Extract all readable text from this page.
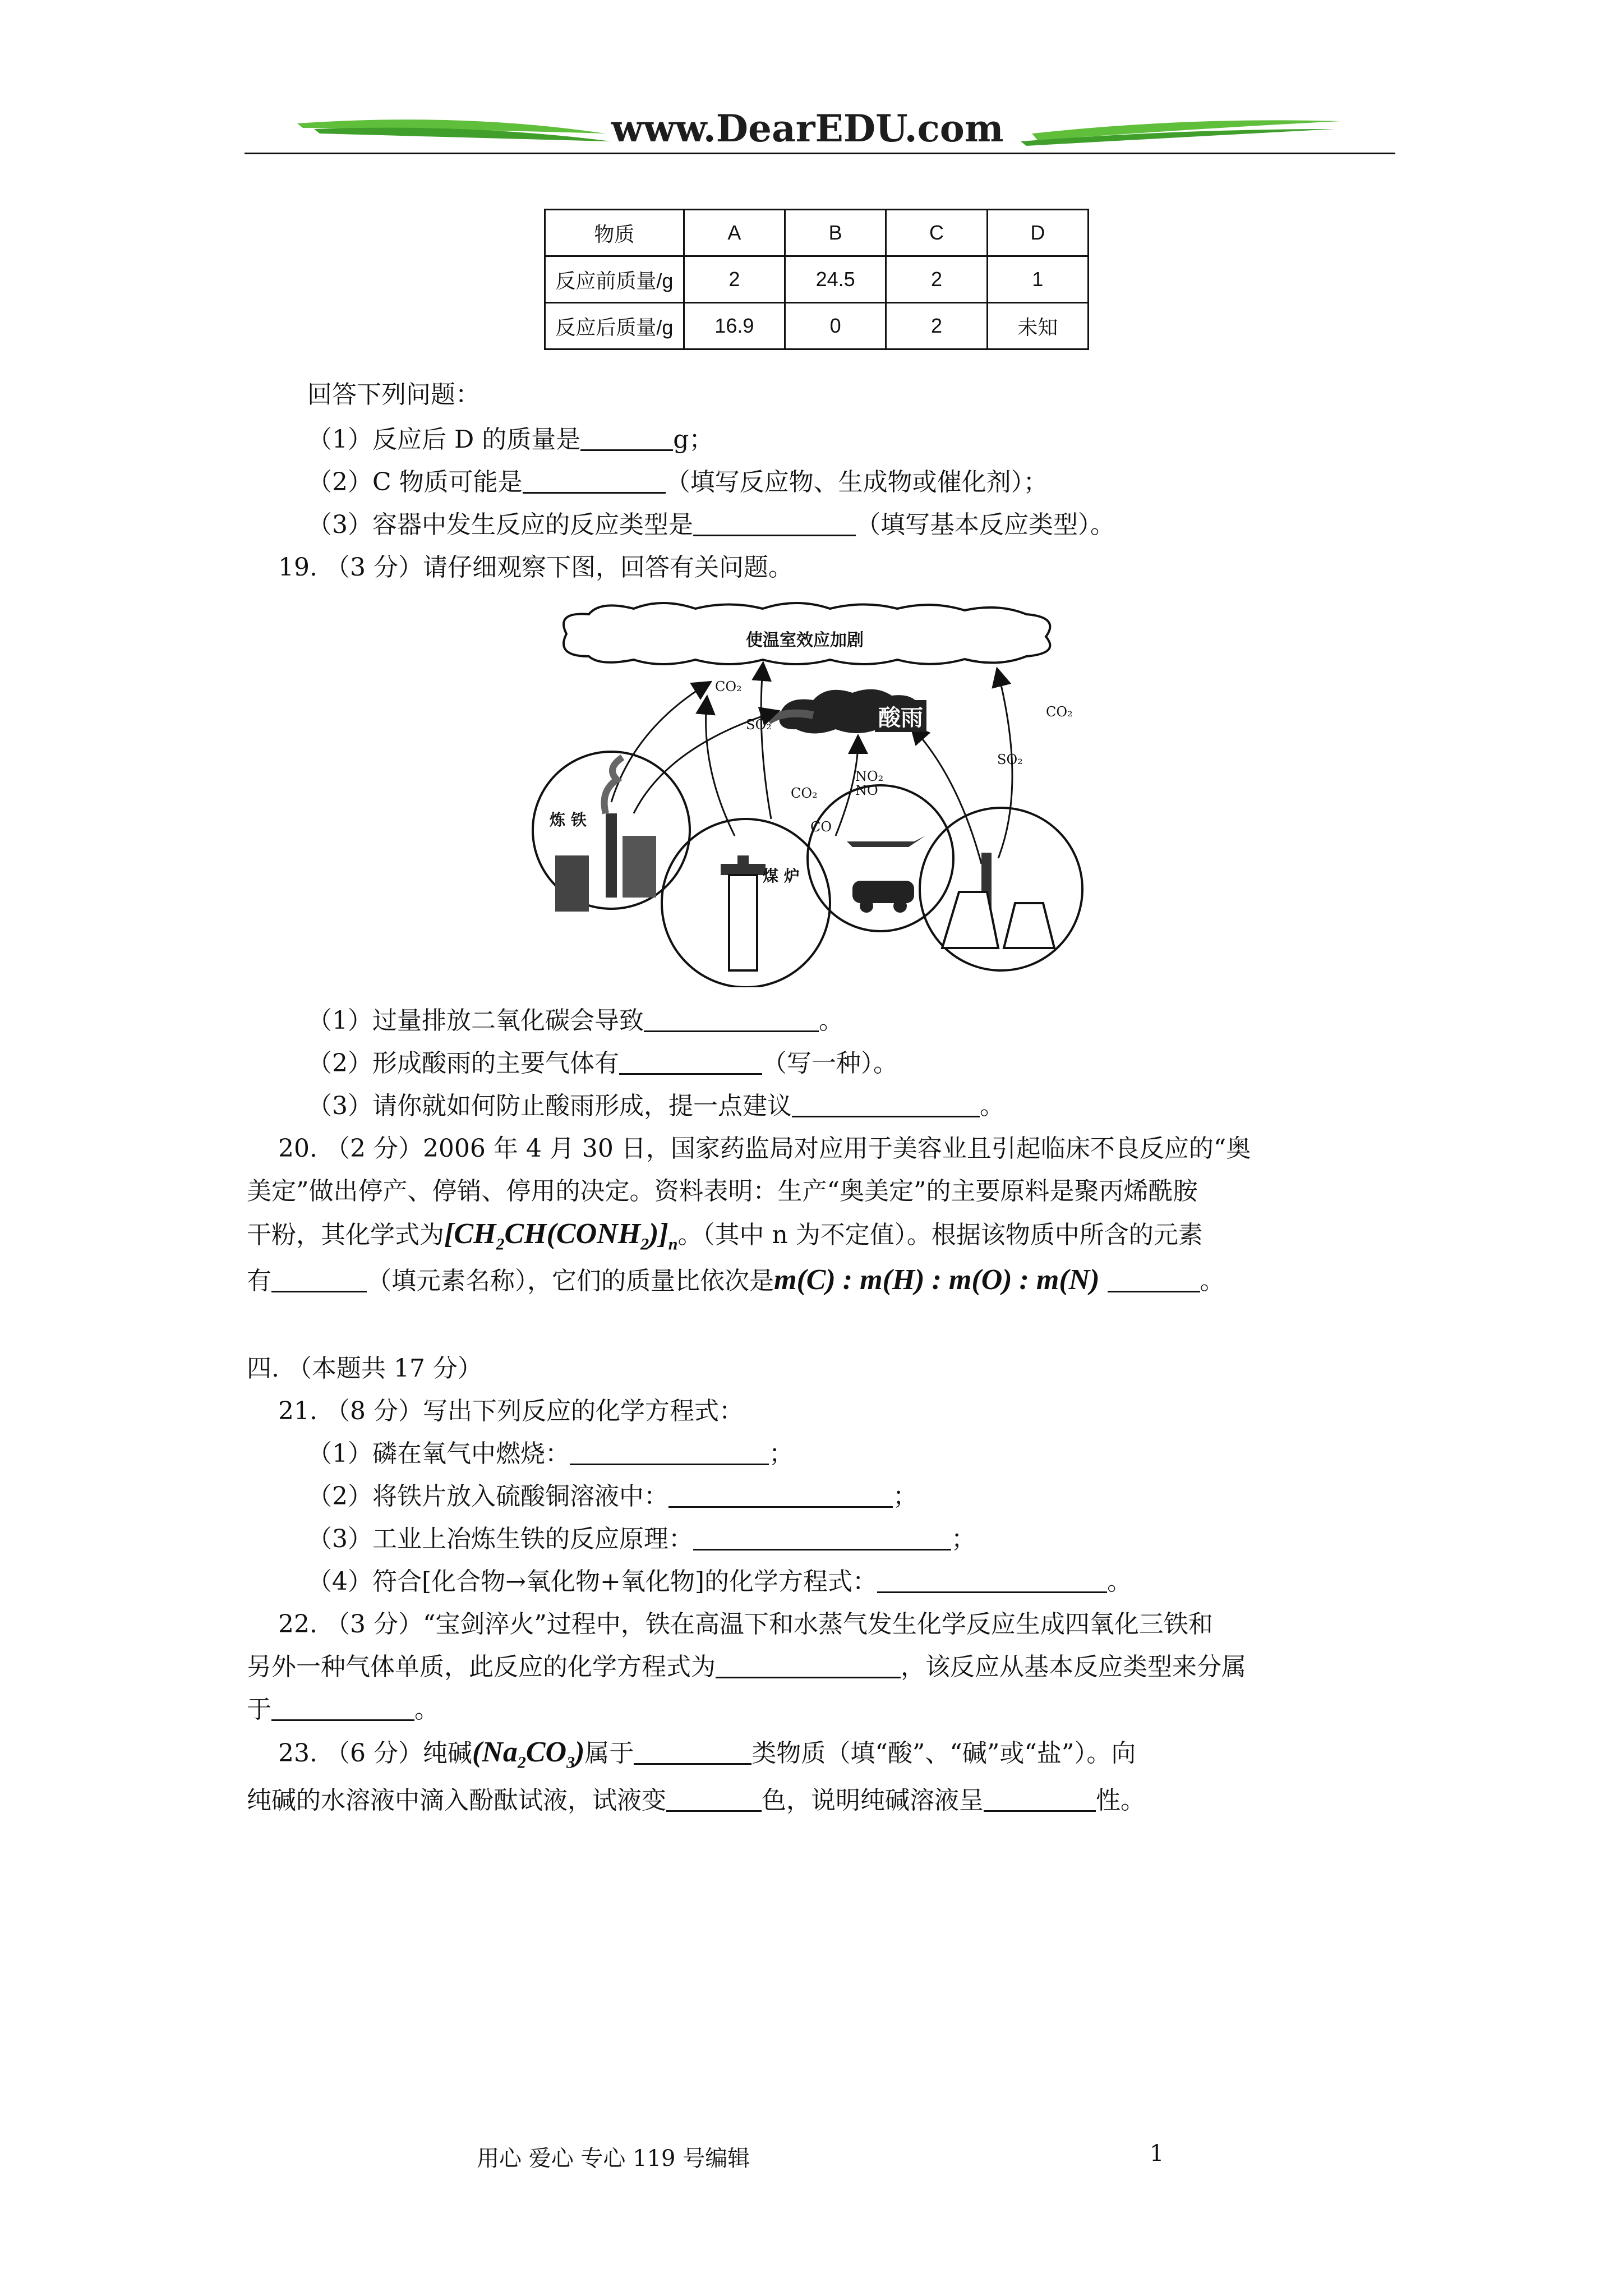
www.DearEDU.com
物质	A	B	C	D
反应前质量/g	2	24.5	2	1
反应后质量/g	16.9	0	2	未知
回答下列问题：
（1）反应后 D 的质量是	g；
（2）C 物质可能是	（填写反应物、生成物或催化剂）；
（3）容器中发生反应的反应类型是	（填写基本反应类型）。
19. （3 分）请仔细观察下图，回答有关问题。
使温室效应加剧
酸雨
炼 铁
煤 炉
CO₂
SO₂
CO₂
CO
NO₂
NO
SO₂
CO₂
（1）过量排放二氧化碳会导致	。
（2）形成酸雨的主要气体有	（写一种）。
（3）请你就如何防止酸雨形成，提一点建议	。
20. （2 分）2006 年 4 月 30 日，国家药监局对应用于美容业且引起临床不良反应的“奥
美定”做出停产、停销、停用的决定。资料表明：生产“奥美定”的主要原料是聚丙烯酰胺
干粉，其化学式为$[CH_2CH(CONH_2)]_n$。（其中 n 为不定值）。根据该物质中所含的元素
有	（填元素名称），它们的质量比依次是m(C) : m(H) : m(O) : m(N)	。
四. （本题共 17 分）
21. （8 分）写出下列反应的化学方程式：
（1）磷在氧气中燃烧：	；
（2）将铁片放入硫酸铜溶液中：	；
（3）工业上冶炼生铁的反应原理：	；
（4）符合[化合物→氧化物+氧化物]的化学方程式：	。
22. （3 分）“宝剑淬火”过程中，铁在高温下和水蒸气发生化学反应生成四氧化三铁和
另外一种气体单质，此反应的化学方程式为	，该反应从基本反应类型来分属
于	。
23. （6 分）纯碱$(Na_2CO_3)$属于	类物质（填“酸”、“碱”或“盐”）。向
纯碱的水溶液中滴入酚酞试液，试液变	色，说明纯碱溶液呈	性。
用心 爱心 专心 119 号编辑	1
